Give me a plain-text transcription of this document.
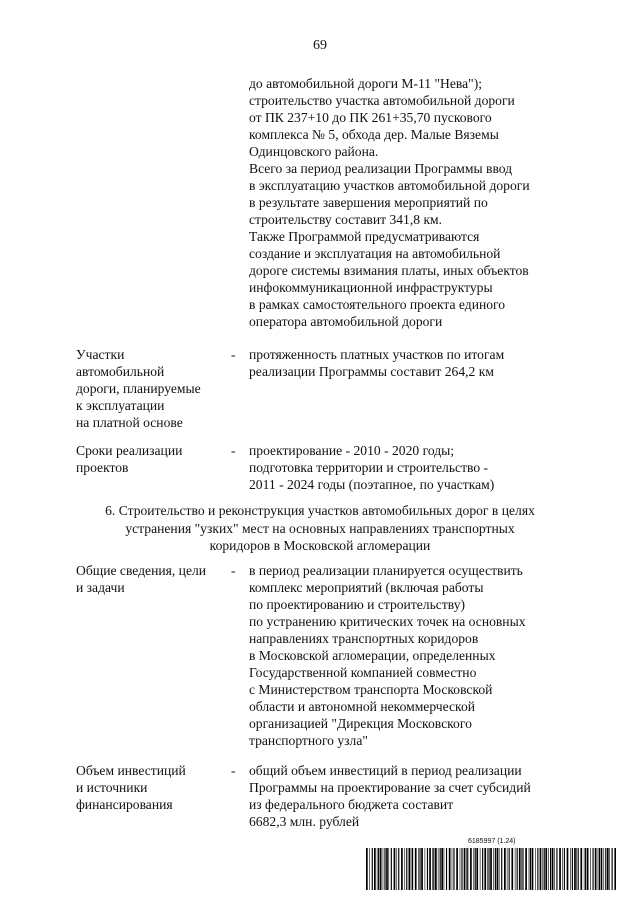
69
до автомобильной дороги М-11 "Нева");
строительство участка автомобильной дороги
от ПК 237+10 до ПК 261+35,70 пускового
комплекса № 5, обхода дер. Малые Вяземы
Одинцовского района.
Всего за период реализации Программы ввод
в эксплуатацию участков автомобильной дороги
в результате завершения мероприятий по
строительству составит 341,8 км.
Также Программой предусматриваются
создание и эксплуатация на автомобильной
дороге системы взимания платы, иных объектов
инфокоммуникационной инфраструктуры
в рамках самостоятельного проекта единого
оператора автомобильной дороги
Участки
автомобильной
дороги, планируемые
к эксплуатации
на платной основе
- протяженность платных участков по итогам
реализации Программы составит 264,2 км
Сроки реализации
проектов
- проектирование - 2010 - 2020 годы;
подготовка территории и строительство -
2011 - 2024 годы (поэтапное, по участкам)
6. Строительство и реконструкция участков автомобильных дорог в целях
устранения "узких" мест на основных направлениях транспортных
коридоров в Московской агломерации
Общие сведения, цели
и задачи
- в период реализации планируется осуществить
комплекс мероприятий (включая работы
по проектированию и строительству)
по устранению критических точек на основных
направлениях транспортных коридоров
в Московской агломерации, определенных
Государственной компанией совместно
с Министерством транспорта Московской
области и автономной некоммерческой
организацией "Дирекция Московского
транспортного узла"
Объем инвестиций
и источники
финансирования
- общий объем инвестиций в период реализации
Программы на проектирование за счет субсидий
из федерального бюджета составит
6682,3 млн. рублей
6185997 (1.24)
